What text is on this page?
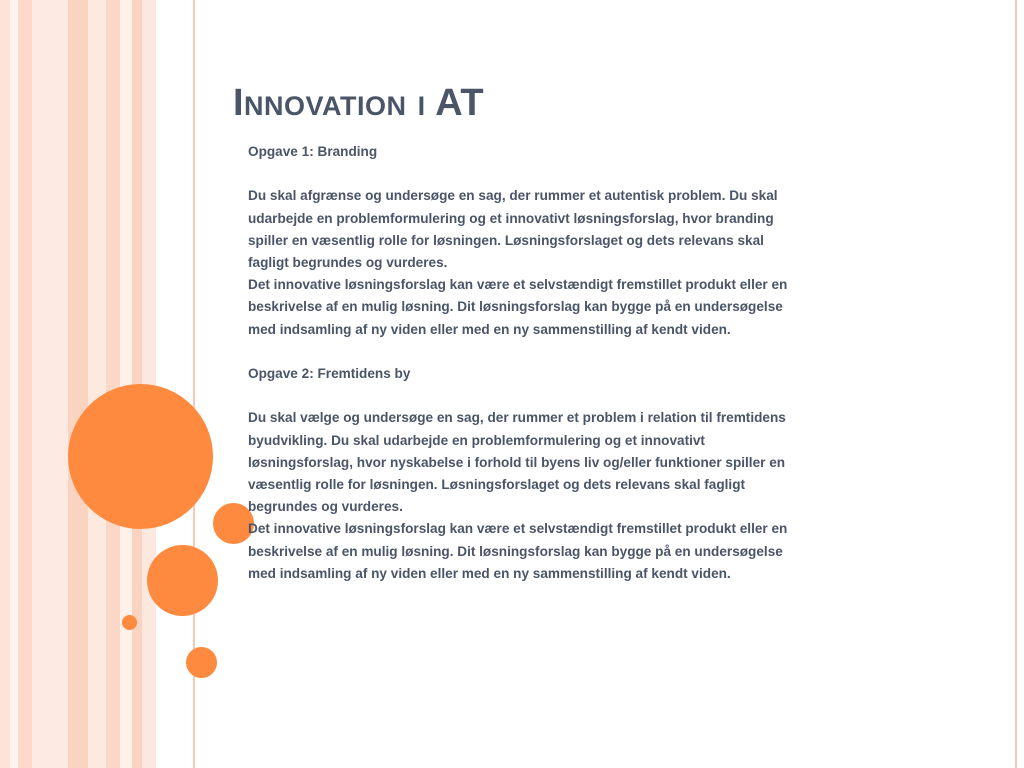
Innovation i AT

Opgave 1: Branding

Du skal afgrænse og undersøge en sag, der rummer et autentisk problem. Du skal udarbejde en problemformulering og et innovativt løsningsforslag, hvor branding spiller en væsentlig rolle for løsningen. Løsningsforslaget og dets relevans skal fagligt begrundes og vurderes.

Det innovative løsningsforslag kan være et selvstændigt fremstillet produkt eller en beskrivelse af en mulig løsning. Dit løsningsforslag kan bygge på en undersøgelse med indsamling af ny viden eller med en ny sammenstilling af kendt viden.

Opgave 2: Fremtidens by

Du skal vælge og undersøge en sag, der rummer et problem i relation til fremtidens byudvikling. Du skal udarbejde en problemformulering og et innovativt løsningsforslag, hvor nyskabelse i forhold til byens liv og/eller funktioner spiller en væsentlig rolle for løsningen. Løsningsforslaget og dets relevans skal fagligt begrundes og vurderes.

Det innovative løsningsforslag kan være et selvstændigt fremstillet produkt eller en beskrivelse af en mulig løsning. Dit løsningsforslag kan bygge på en undersøgelse med indsamling af ny viden eller med en ny sammenstilling af kendt viden.
